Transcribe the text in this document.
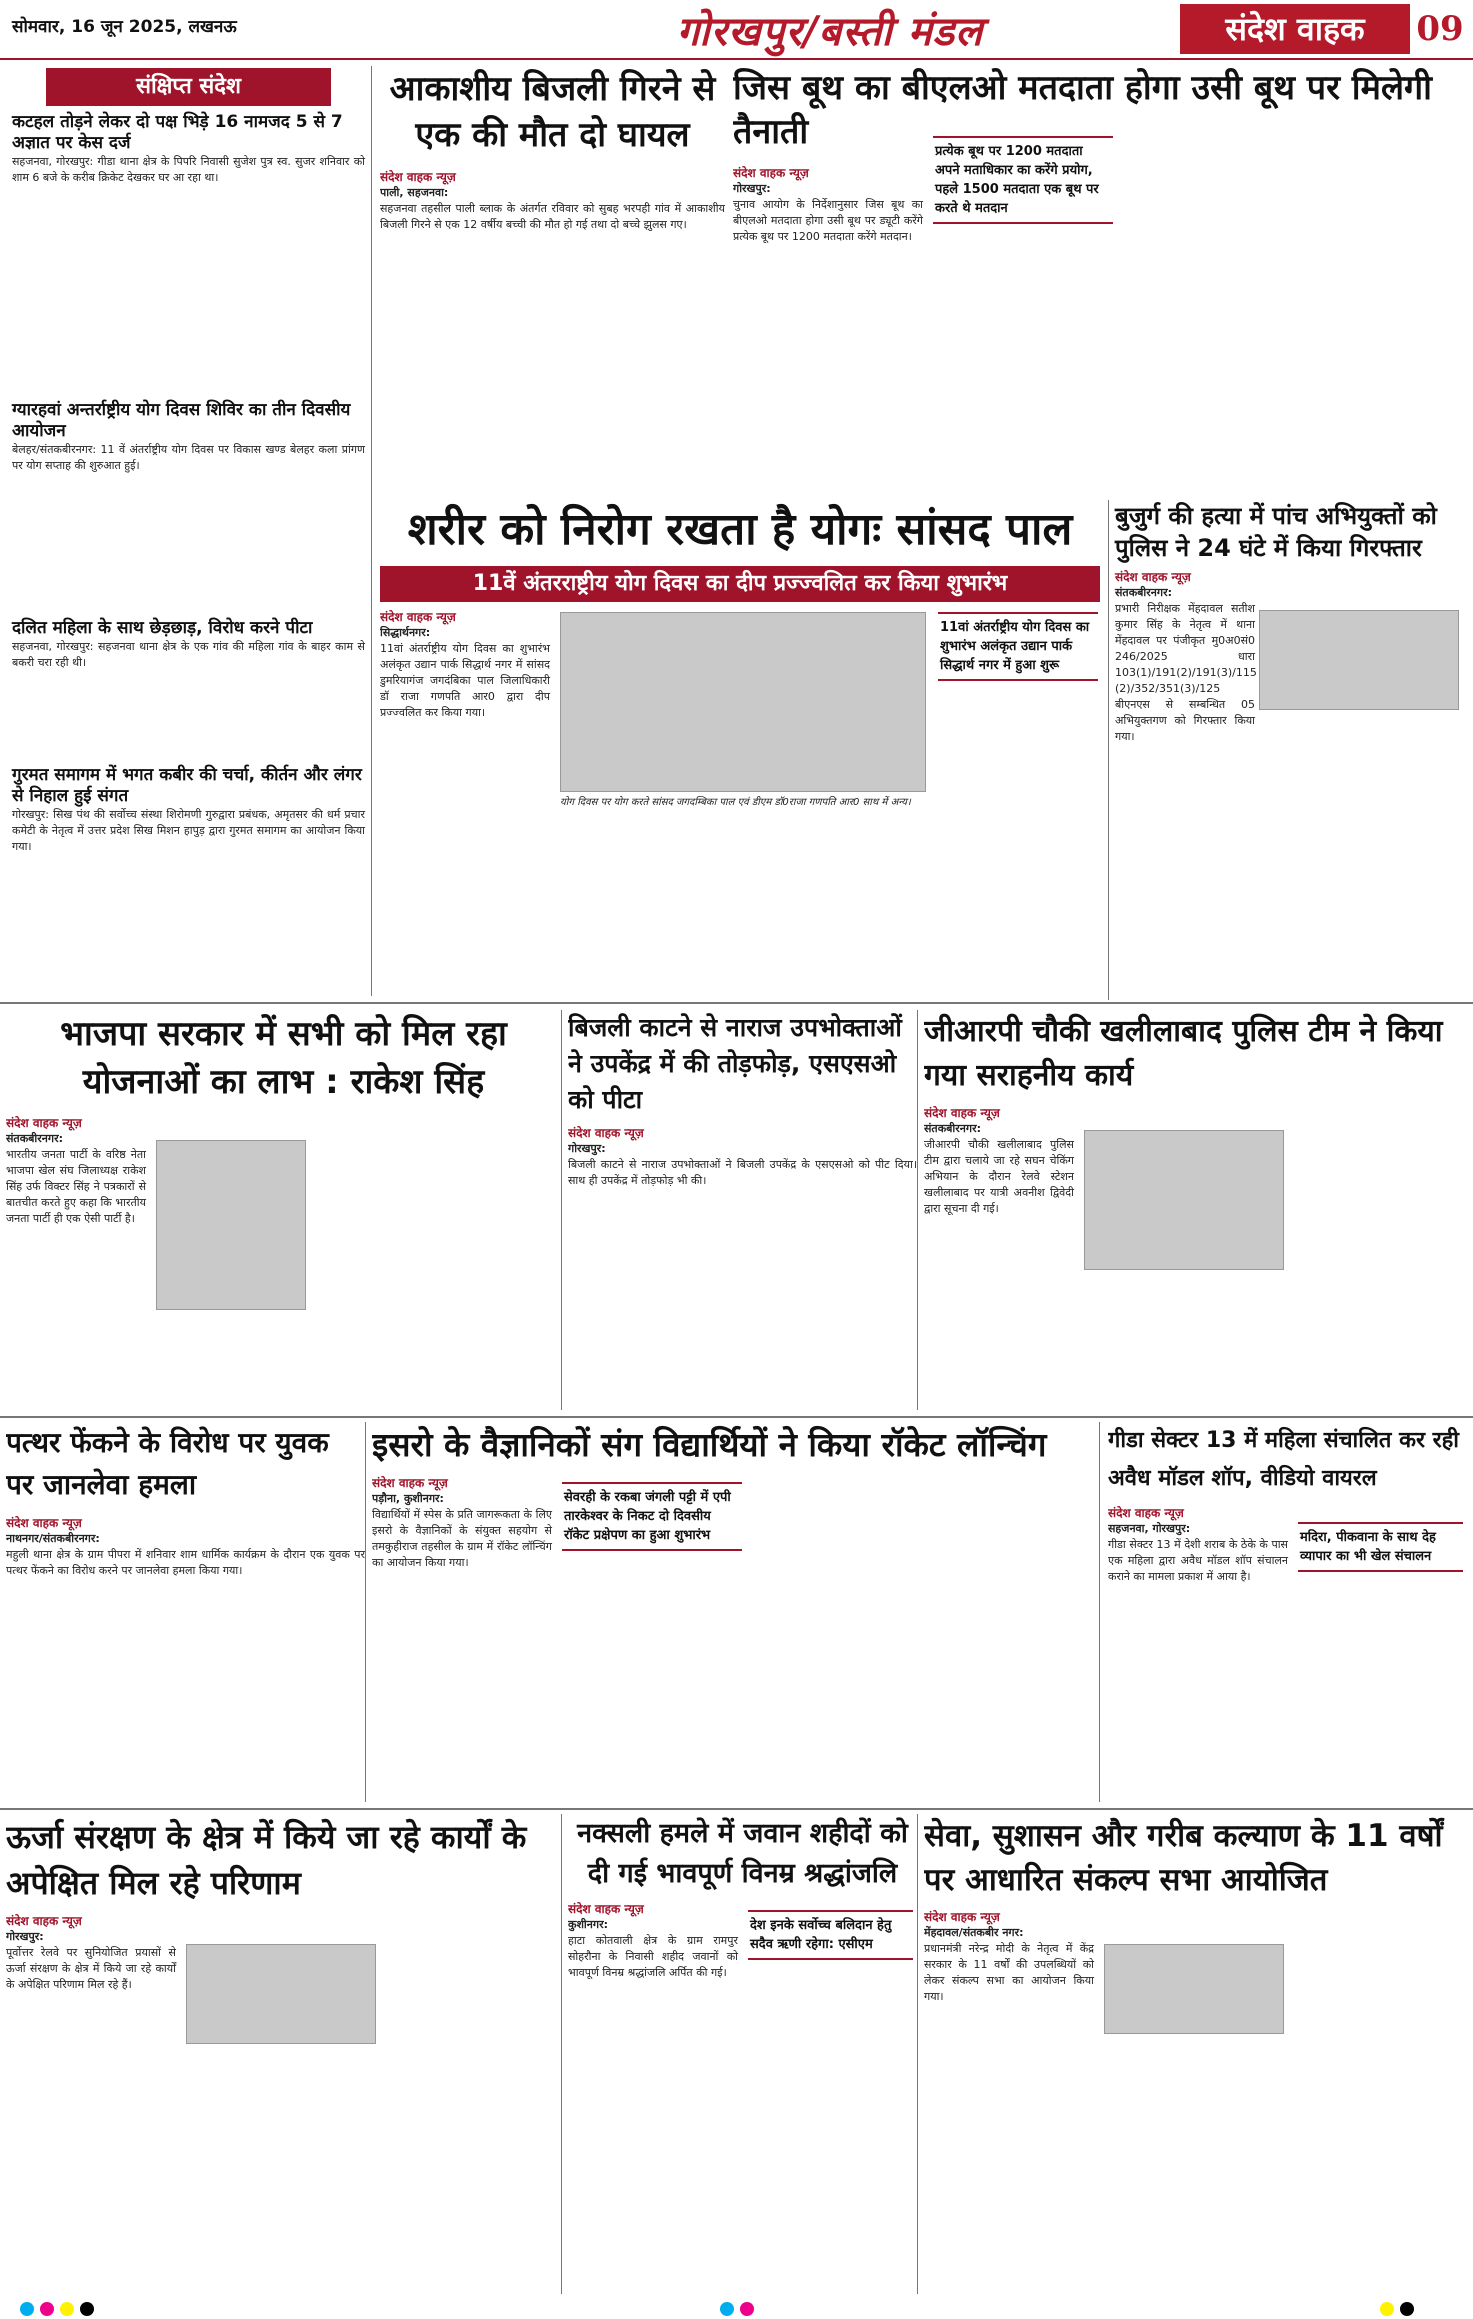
सोमवार, 16 जून 2025, लखनऊ	गोरखपुर/बस्ती मंडल	संदेश वाहक	09
संक्षिप्त संदेश
कटहल तोड़ने लेकर दो पक्ष भिड़े 16 नामजद 5 से 7 अज्ञात पर केस दर्ज
सहजनवा, गोरखपुर: गीडा थाना क्षेत्र के पिपरि निवासी सुजेश पुत्र स्व. सुजर शनिवार को शाम 6 बजे के करीब क्रिकेट देखकर घर आ रहा था।
ग्यारहवां अन्तर्राष्ट्रीय योग दिवस शिविर का तीन दिवसीय आयोजन
बेलहर/संतकबीरनगर: 11 वें अंतर्राष्ट्रीय योग दिवस पर विकास खण्ड बेलहर कला प्रांगण पर योग सप्ताह की शुरुआत हुई।
दलित महिला के साथ छेड़छाड़, विरोध करने पीटा
सहजनवा, गोरखपुर: सहजनवा थाना क्षेत्र के एक गांव की महिला गांव के बाहर काम से बकरी चरा रही थी।
गुरमत समागम में भगत कबीर की चर्चा, कीर्तन और लंगर से निहाल हुई संगत
गोरखपुर: सिख पंथ की सर्वोच्च संस्था शिरोमणी गुरुद्वारा प्रबंधक, अमृतसर की धर्म प्रचार कमेटी के नेतृत्व में उत्तर प्रदेश सिख मिशन हापुड़ द्वारा गुरमत समागम का आयोजन किया गया।
आकाशीय बिजली गिरने से एक की मौत दो घायल
संदेश वाहक न्यूज़
पाली, सहजनवा:
सहजनवा तहसील पाली ब्लाक के अंतर्गत रविवार को सुबह भरपही गांव में आकाशीय बिजली गिरने से एक 12 वर्षीय बच्ची की मौत हो गई तथा दो बच्चे झुलस गए।
जिस बूथ का बीएलओ मतदाता होगा उसी बूथ पर मिलेगी तैनाती
संदेश वाहक न्यूज़
प्रत्येक बूथ पर 1200 मतदाता अपने मताधिकार का करेंगे प्रयोग, पहले 1500 मतदाता एक बूथ पर करते थे मतदान
गोरखपुर:
चुनाव आयोग के निर्देशानुसार जिस बूथ का बीएलओ मतदाता होगा उसी बूथ पर ड्यूटी करेंगे प्रत्येक बूथ पर 1200 मतदाता करेंगे मतदान।
शरीर को निरोग रखता है योगः सांसद पाल
11वें अंतरराष्ट्रीय योग दिवस का दीप प्रज्ज्वलित कर किया शुभारंभ
संदेश वाहक न्यूज़
योग दिवस पर योग करते सांसद जगदम्बिका पाल एवं डीएम डॉ0राजा गणपति आर0 साथ में अन्य।
11वां अंतर्राष्ट्रीय योग दिवस का शुभारंभ अलंकृत उद्यान पार्क सिद्धार्थ नगर में हुआ शुरू
सिद्धार्थनगर:
11वां अंतर्राष्ट्रीय योग दिवस का शुभारंभ अलंकृत उद्यान पार्क सिद्धार्थ नगर में सांसद डुमरियागंज जगदंबिका पाल जिलाधिकारी डॉ राजा गणपति आर0 द्वारा दीप प्रज्ज्वलित कर किया गया।
बुजुर्ग की हत्या में पांच अभियुक्तों को पुलिस ने 24 घंटे में किया गिरफ्तार
संदेश वाहक न्यूज़
संतकबीरनगर:
प्रभारी निरीक्षक मेंहदावल सतीश कुमार सिंह के नेतृत्व में थाना मेंहदावल पर पंजीकृत मु0अ0सं0 246/2025 धारा 103(1)/191(2)/191(3)/115 (2)/352/351(3)/125 बीएनएस से सम्बन्धित 05 अभियुक्तगण को गिरफ्तार किया गया।
भाजपा सरकार में सभी को मिल रहा योजनाओं का लाभ : राकेश सिंह
संदेश वाहक न्यूज़
संतकबीरनगर:
भारतीय जनता पार्टी के वरिष्ठ नेता भाजपा खेल संघ जिलाध्यक्ष राकेश सिंह उर्फ विक्टर सिंह ने पत्रकारों से बातचीत करते हुए कहा कि भारतीय जनता पार्टी ही एक ऐसी पार्टी है।
बिजली काटने से नाराज उपभोक्ताओं ने उपकेंद्र में की तोड़फोड़, एसएसओ को पीटा
संदेश वाहक न्यूज़
गोरखपुर:
बिजली काटने से नाराज उपभोक्ताओं ने बिजली उपकेंद्र के एसएसओ को पीट दिया। साथ ही उपकेंद्र में तोड़फोड़ भी की।
जीआरपी चौकी खलीलाबाद पुलिस टीम ने किया गया सराहनीय कार्य
संदेश वाहक न्यूज़
संतकबीरनगर:
जीआरपी चौकी खलीलाबाद पुलिस टीम द्वारा चलाये जा रहे सघन चेकिंग अभियान के दौरान रेलवे स्टेशन खलीलाबाद पर यात्री अवनीश द्विवेदी द्वारा सूचना दी गई।
पत्थर फेंकने के विरोध पर युवक पर जानलेवा हमला
संदेश वाहक न्यूज़
नाथनगर/संतकबीरनगर:
महुली थाना क्षेत्र के ग्राम पीपरा में शनिवार शाम धार्मिक कार्यक्रम के दौरान एक युवक पर पत्थर फेंकने का विरोध करने पर जानलेवा हमला किया गया।
इसरो के वैज्ञानिकों संग विद्यार्थियों ने किया रॉकेट लॉन्चिंग
संदेश वाहक न्यूज़
सेवरही के रकबा जंगली पट्टी में एपी तारकेश्वर के निकट दो दिवसीय रॉकेट प्रक्षेपण का हुआ शुभारंभ
पड़ौना, कुशीनगर:
विद्यार्थियों में स्पेस के प्रति जागरूकता के लिए इसरो के वैज्ञानिकों के संयुक्त सहयोग से तमकुहीराज तहसील के ग्राम में रॉकेट लॉन्चिंग का आयोजन किया गया।
गीडा सेक्टर 13 में महिला संचालित कर रही अवैध मॉडल शॉप, वीडियो वायरल
संदेश वाहक न्यूज़
मदिरा, पीकवाना के साथ देह व्यापार का भी खेल संचालन
सहजनवा, गोरखपुर:
गीडा सेक्टर 13 में देशी शराब के ठेके के पास एक महिला द्वारा अवैध मॉडल शॉप संचालन कराने का मामला प्रकाश में आया है।
ऊर्जा संरक्षण के क्षेत्र में किये जा रहे कार्यों के अपेक्षित मिल रहे परिणाम
संदेश वाहक न्यूज़
गोरखपुर:
पूर्वोत्तर रेलवे पर सुनियोजित प्रयासों से ऊर्जा संरक्षण के क्षेत्र में किये जा रहे कार्यों के अपेक्षित परिणाम मिल रहे हैं।
नक्सली हमले में जवान शहीदों को दी गई भावपूर्ण विनम्र श्रद्धांजलि
संदेश वाहक न्यूज़
देश इनके सर्वोच्च बलिदान हेतु सदैव ऋणी रहेगा: एसीएम
कुशीनगर:
हाटा कोतवाली क्षेत्र के ग्राम रामपुर सोहरौना के निवासी शहीद जवानों को भावपूर्ण विनम्र श्रद्धांजलि अर्पित की गई।
सेवा, सुशासन और गरीब कल्याण के 11 वर्षों पर आधारित संकल्प सभा आयोजित
संदेश वाहक न्यूज़
मेंहदावल/संतकबीर नगर:
प्रधानमंत्री नरेन्द्र मोदी के नेतृत्व में केंद्र सरकार के 11 वर्षों की उपलब्धियों को लेकर संकल्प सभा का आयोजन किया गया।
